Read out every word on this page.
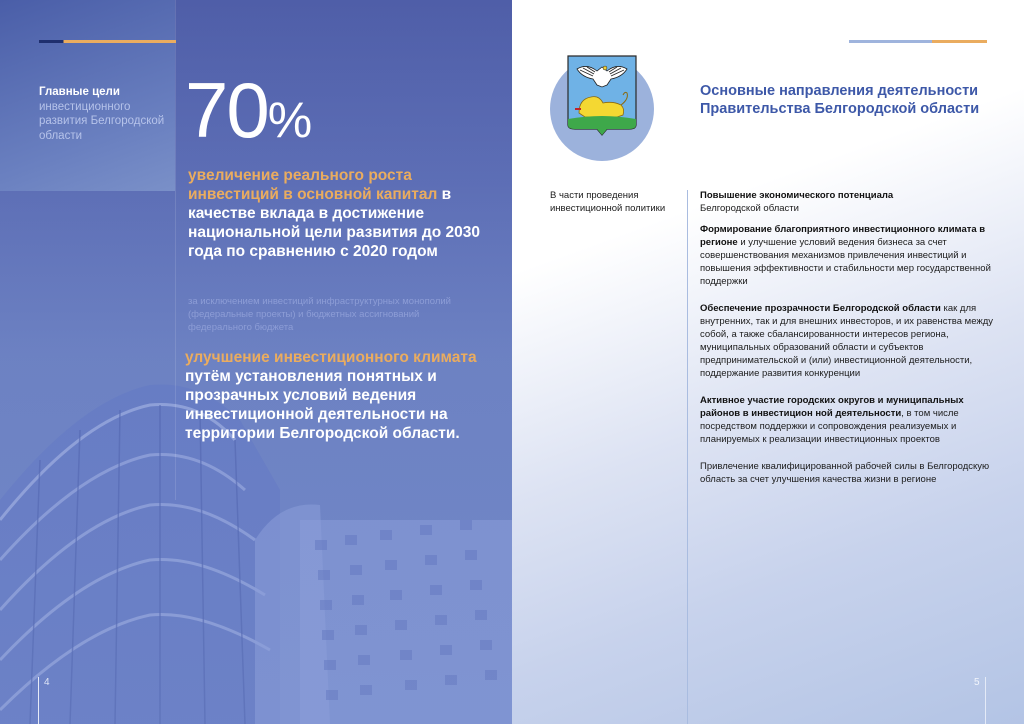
Главные цели
инвестиционного развития Белгородской области	70%
увеличение реального роста инвестиций в основной капитал в качестве вклада в достижение национальной цели развития до 2030 года по сравнению с 2020 годом
за исключением инвестиций инфраструктурных монополий (федеральные проекты) и бюджетных ассигнований федерального бюджета
улучшение инвестиционного климата путём установления понятных и прозрачных условий ведения инвестиционной деятельности на территории Белгородской области.
4
Основные направления деятельности Правительства Белгородской области
В части проведения инвестиционной политики
Повышение экономического потенциала
Белгородской области
Формирование благоприятного инвестиционного климата в регионе и улучшение условий ведения бизнеса за счет совершенствования механизмов привлечения инвестиций и повышения эффективности и стабильности мер государственной поддержки
Обеспечение прозрачности Белгородской области как для внутренних, так и для внешних инвесторов, и их равенства между собой, а также сбалансированности интересов региона, муниципальных образований области и субъектов предпринимательской и (или) инвестиционной деятельности, поддержание развития конкуренции
Активное участие городских округов и муниципальных районов в инвестицион ной деятельности, в том числе посредством поддержки и сопровождения реализуемых и планируемых к реализации инвестиционных проектов
Привлечение квалифицированной рабочей силы в Белгородскую область за счет улучшения качества жизни в регионе
5
